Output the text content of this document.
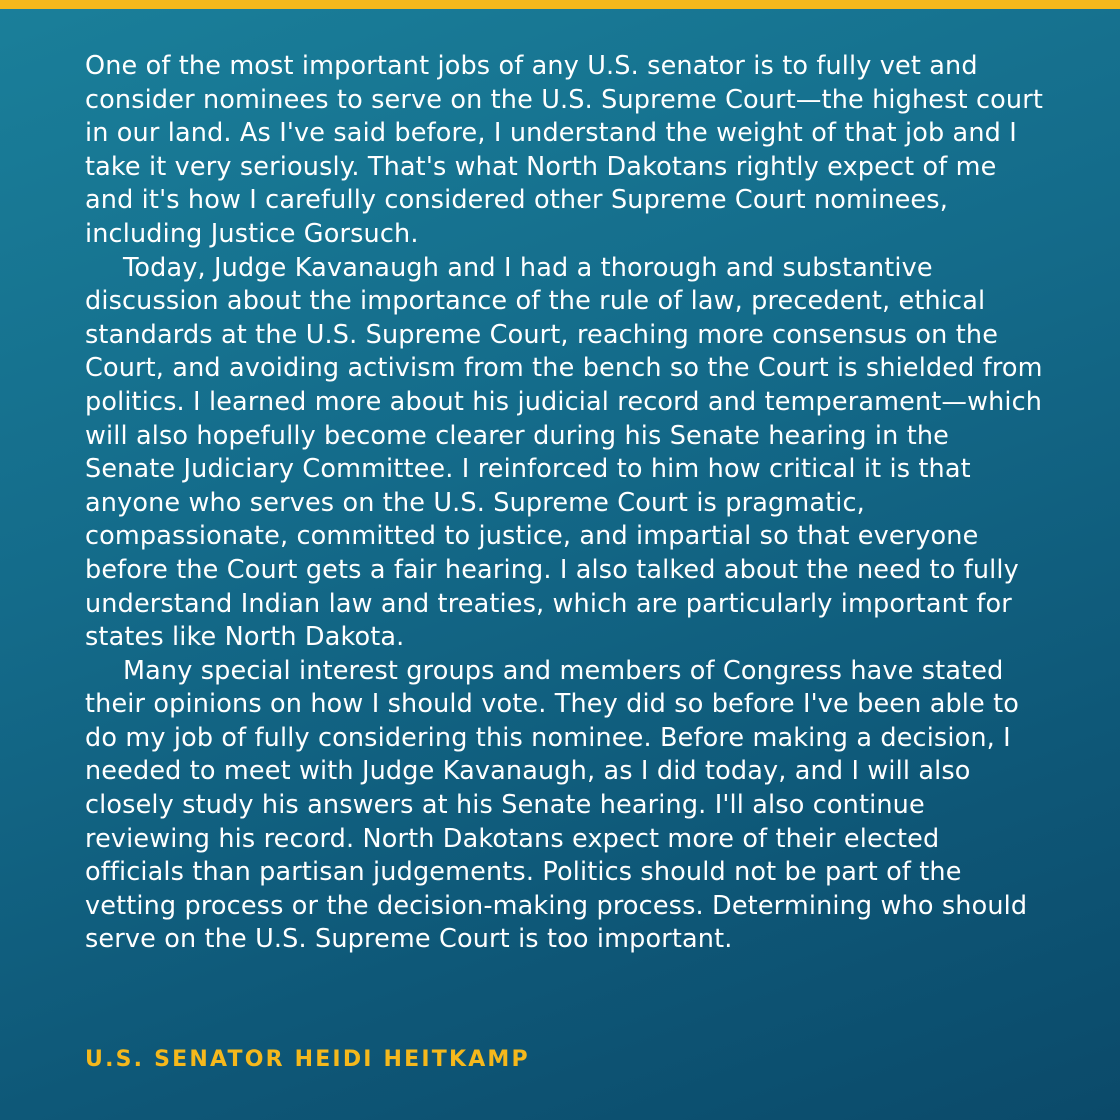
One of the most important jobs of any U.S. senator is to fully vet and consider nominees to serve on the U.S. Supreme Court—the highest court in our land. As I've said before, I understand the weight of that job and I take it very seriously. That's what North Dakotans rightly expect of me and it's how I carefully considered other Supreme Court nominees, including Justice Gorsuch.

Today, Judge Kavanaugh and I had a thorough and substantive discussion about the importance of the rule of law, precedent, ethical standards at the U.S. Supreme Court, reaching more consensus on the Court, and avoiding activism from the bench so the Court is shielded from politics. I learned more about his judicial record and temperament—which will also hopefully become clearer during his Senate hearing in the Senate Judiciary Committee. I reinforced to him how critical it is that anyone who serves on the U.S. Supreme Court is pragmatic, compassionate, committed to justice, and impartial so that everyone before the Court gets a fair hearing. I also talked about the need to fully understand Indian law and treaties, which are particularly important for states like North Dakota.

Many special interest groups and members of Congress have stated their opinions on how I should vote. They did so before I've been able to do my job of fully considering this nominee. Before making a decision, I needed to meet with Judge Kavanaugh, as I did today, and I will also closely study his answers at his Senate hearing. I'll also continue reviewing his record. North Dakotans expect more of their elected officials than partisan judgements. Politics should not be part of the vetting process or the decision-making process. Determining who should serve on the U.S. Supreme Court is too important.

U.S. SENATOR HEIDI HEITKAMP
